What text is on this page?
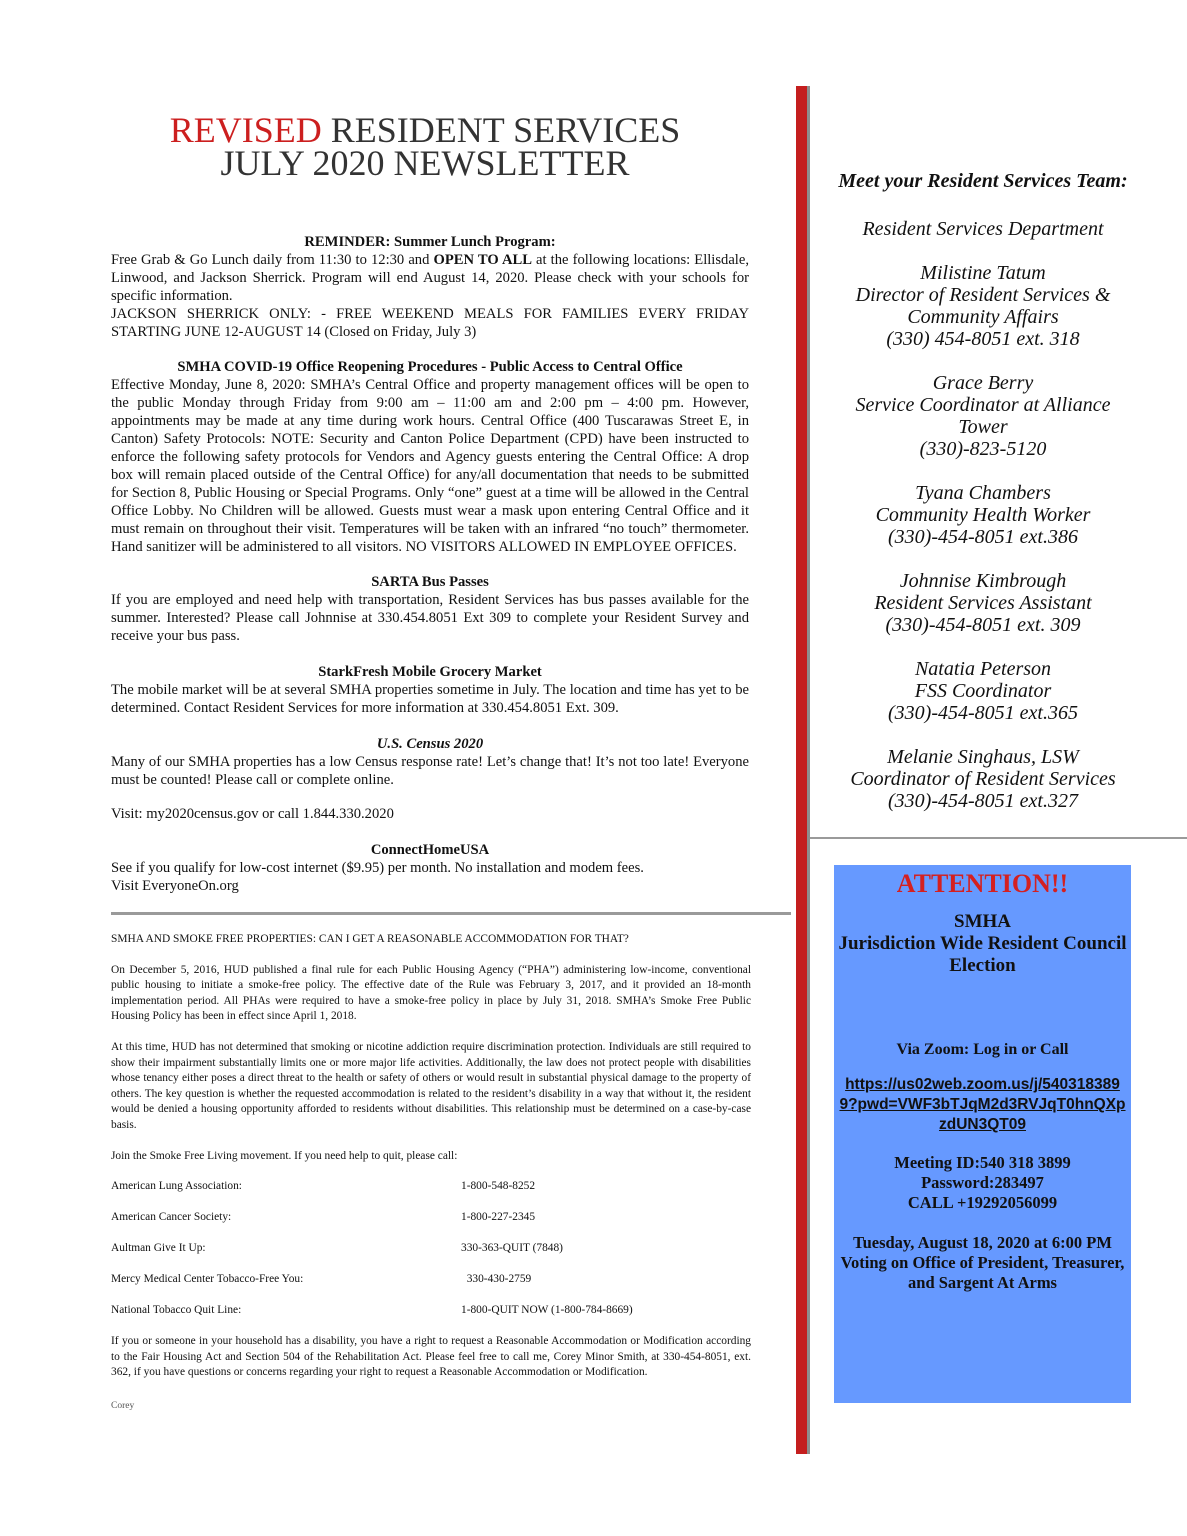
REVISED RESIDENT SERVICES
JULY 2020 NEWSLETTER

REMINDER: Summer Lunch Program:

Free Grab & Go Lunch daily from 11:30 to 12:30 and OPEN TO ALL at the following locations: Ellisdale, Linwood, and Jackson Sherrick. Program will end August 14, 2020. Please check with your schools for specific information.

JACKSON SHERRICK ONLY: - FREE WEEKEND MEALS FOR FAMILIES EVERY FRIDAY STARTING JUNE 12-AUGUST 14 (Closed on Friday, July 3)

SMHA COVID-19 Office Reopening Procedures - Public Access to Central Office

Effective Monday, June 8, 2020: SMHA’s Central Office and property management offices will be open to the public Monday through Friday from 9:00 am – 11:00 am and 2:00 pm – 4:00 pm. However, appointments may be made at any time during work hours. Central Office (400 Tuscarawas Street E, in Canton) Safety Protocols: NOTE: Security and Canton Police Department (CPD) have been instructed to enforce the following safety protocols for Vendors and Agency guests entering the Central Office: A drop box will remain placed outside of the Central Office) for any/all documentation that needs to be submitted for Section 8, Public Housing or Special Programs. Only “one” guest at a time will be allowed in the Central Office Lobby. No Children will be allowed. Guests must wear a mask upon entering Central Office and it must remain on throughout their visit. Temperatures will be taken with an infrared “no touch” thermometer. Hand sanitizer will be administered to all visitors. NO VISITORS ALLOWED IN EMPLOYEE OFFICES.

SARTA Bus Passes

If you are employed and need help with transportation, Resident Services has bus passes available for the summer. Interested? Please call Johnnise at 330.454.8051 Ext 309 to complete your Resident Survey and receive your bus pass.

StarkFresh Mobile Grocery Market

The mobile market will be at several SMHA properties sometime in July. The location and time has yet to be determined. Contact Resident Services for more information at 330.454.8051 Ext. 309.

U.S. Census 2020

Many of our SMHA properties has a low Census response rate! Let’s change that! It’s not too late! Everyone must be counted! Please call or complete online.

Visit: my2020census.gov or call 1.844.330.2020

ConnectHomeUSA

See if you qualify for low-cost internet ($9.95) per month. No installation and modem fees.

Visit EveryoneOn.org

SMHA AND SMOKE FREE PROPERTIES: CAN I GET A REASONABLE ACCOMMODATION FOR THAT?

On December 5, 2016, HUD published a final rule for each Public Housing Agency (“PHA”) administering low-income, conventional public housing to initiate a smoke-free policy. The effective date of the Rule was February 3, 2017, and it provided an 18-month implementation period. All PHAs were required to have a smoke-free policy in place by July 31, 2018. SMHA’s Smoke Free Public Housing Policy has been in effect since April 1, 2018.

At this time, HUD has not determined that smoking or nicotine addiction require discrimination protection. Individuals are still required to show their impairment substantially limits one or more major life activities. Additionally, the law does not protect people with disabilities whose tenancy either poses a direct threat to the health or safety of others or would result in substantial physical damage to the property of others. The key question is whether the requested accommodation is related to the resident’s disability in a way that without it, the resident would be denied a housing opportunity afforded to residents without disabilities. This relationship must be determined on a case-by-case basis.

Join the Smoke Free Living movement. If you need help to quit, please call:

American Lung Association:	1-800-548-8252
American Cancer Society:	1-800-227-2345
Aultman Give It Up:	330-363-QUIT (7848)
Mercy Medical Center Tobacco-Free You:	330-430-2759
National Tobacco Quit Line:	1-800-QUIT NOW (1-800-784-8669)

If you or someone in your household has a disability, you have a right to request a Reasonable Accommodation or Modification according to the Fair Housing Act and Section 504 of the Rehabilitation Act. Please feel free to call me, Corey Minor Smith, at 330-454-8051, ext. 362, if you have questions or concerns regarding your right to request a Reasonable Accommodation or Modification.

Corey
Meet your Resident Services Team:
Resident Services Department
Milistine Tatum
Director of Resident Services & Community Affairs
(330) 454-8051 ext. 318
Grace Berry
Service Coordinator at Alliance Tower
(330)-823-5120
Tyana Chambers
Community Health Worker
(330)-454-8051 ext.386
Johnnise Kimbrough
Resident Services Assistant
(330)-454-8051 ext. 309
Natatia Peterson
FSS Coordinator
(330)-454-8051 ext.365
Melanie Singhaus, LSW
Coordinator of Resident Services
(330)-454-8051 ext.327
ATTENTION!!
SMHA
Jurisdiction Wide Resident Council
Election
Via Zoom: Log in or Call
https://us02web.zoom.us/j/5403183899?pwd=VWF3bTJqM2d3RVJqT0hnQXpzdUN3QT09
Meeting ID:540 318 3899
Password:283497
CALL +19292056099
Tuesday, August 18, 2020 at 6:00 PM
Voting on Office of President, Treasurer, and Sargent At Arms
